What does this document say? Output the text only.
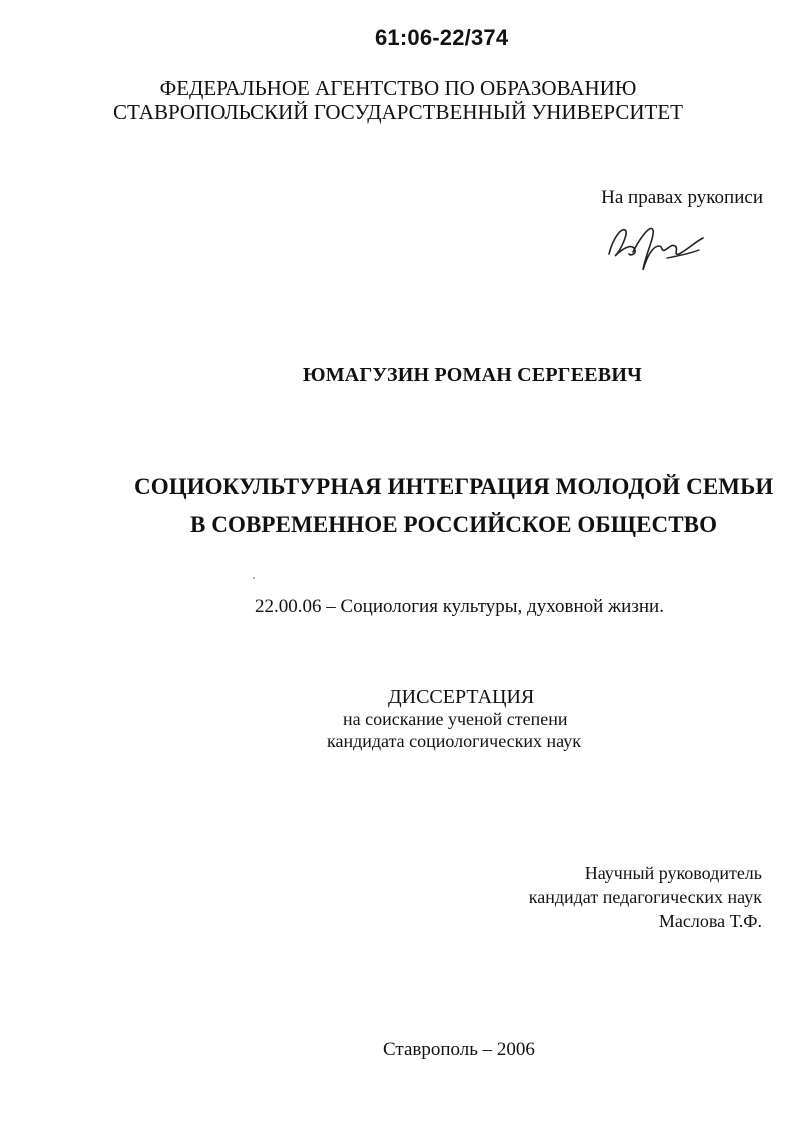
61:06-22/374
ФЕДЕРАЛЬНОЕ АГЕНТСТВО ПО ОБРАЗОВАНИЮ
СТАВРОПОЛЬСКИЙ ГОСУДАРСТВЕННЫЙ УНИВЕРСИТЕТ
На правах рукописи
ЮМАГУЗИН РОМАН СЕРГЕЕВИЧ
СОЦИОКУЛЬТУРНАЯ ИНТЕГРАЦИЯ МОЛОДОЙ СЕМЬИ
В СОВРЕМЕННОЕ РОССИЙСКОЕ ОБЩЕСТВО
22.00.06 – Социология культуры, духовной жизни.
ДИССЕРТАЦИЯ
на соискание ученой степени
кандидата социологических наук
Научный руководитель
кандидат педагогических наук
Маслова Т.Ф.
Ставрополь – 2006
